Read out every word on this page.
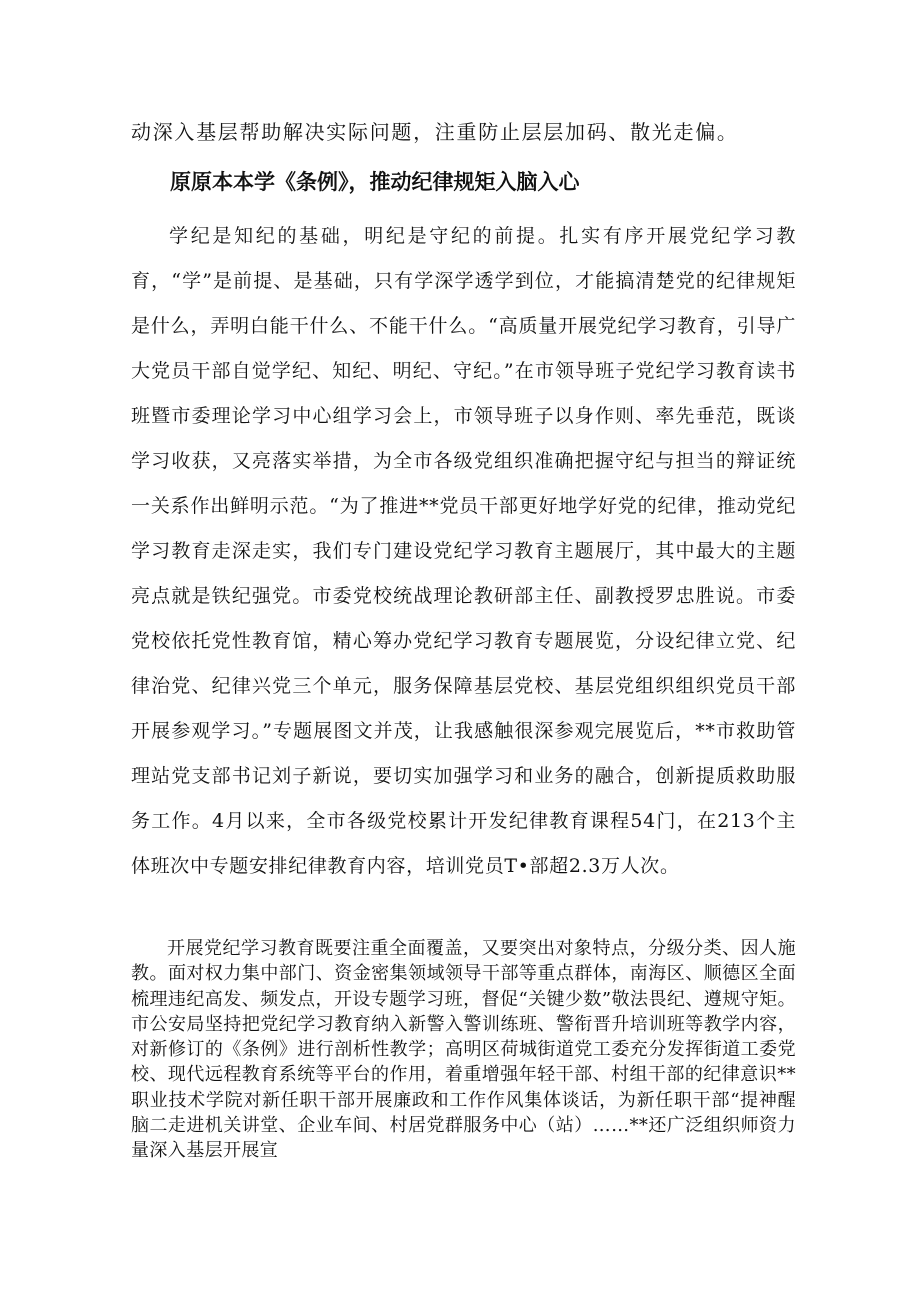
动深入基层帮助解决实际问题，注重防止层层加码、散光走偏。
原原本本学《条例》，推动纪律规矩入脑入心
学纪是知纪的基础，明纪是守纪的前提。扎实有序开展党纪学习教育，“学”是前提、是基础，只有学深学透学到位，才能搞清楚党的纪律规矩是什么，弄明白能干什么、不能干什么。“高质量开展党纪学习教育，引导广大党员干部自觉学纪、知纪、明纪、守纪。”在市领导班子党纪学习教育读书班暨市委理论学习中心组学习会上，市领导班子以身作则、率先垂范，既谈学习收获，又亮落实举措，为全市各级党组织准确把握守纪与担当的辩证统一关系作出鲜明示范。“为了推进**党员干部更好地学好党的纪律，推动党纪学习教育走深走实，我们专门建设党纪学习教育主题展厅，其中最大的主题亮点就是铁纪强党。市委党校统战理论教研部主任、副教授罗忠胜说。市委党校依托党性教育馆，精心筹办党纪学习教育专题展览，分设纪律立党、纪律治党、纪律兴党三个单元，服务保障基层党校、基层党组织组织党员干部开展参观学习。”专题展图文并茂，让我感触很深参观完展览后，**市救助管理站党支部书记刘子新说，要切实加强学习和业务的融合，创新提质救助服务工作。4月以来，全市各级党校累计开发纪律教育课程54门，在213个主体班次中专题安排纪律教育内容，培训党员T•部超2.3万人次。
开展党纪学习教育既要注重全面覆盖，又要突出对象特点，分级分类、因人施教。面对权力集中部门、资金密集领域领导干部等重点群体，南海区、顺德区全面梳理违纪高发、频发点，开设专题学习班，督促“关键少数”敬法畏纪、遵规守矩。市公安局坚持把党纪学习教育纳入新警入警训练班、警衔晋升培训班等教学内容，对新修订的《条例》进行剖析性教学；高明区荷城街道党工委充分发挥街道工委党校、现代远程教育系统等平台的作用，着重增强年轻干部、村组干部的纪律意识**职业技术学院对新任职干部开展廉政和工作作风集体谈话，为新任职干部“提神醒脑二走进机关讲堂、企业车间、村居党群服务中心（站）……**还广泛组织师资力量深入基层开展宣
